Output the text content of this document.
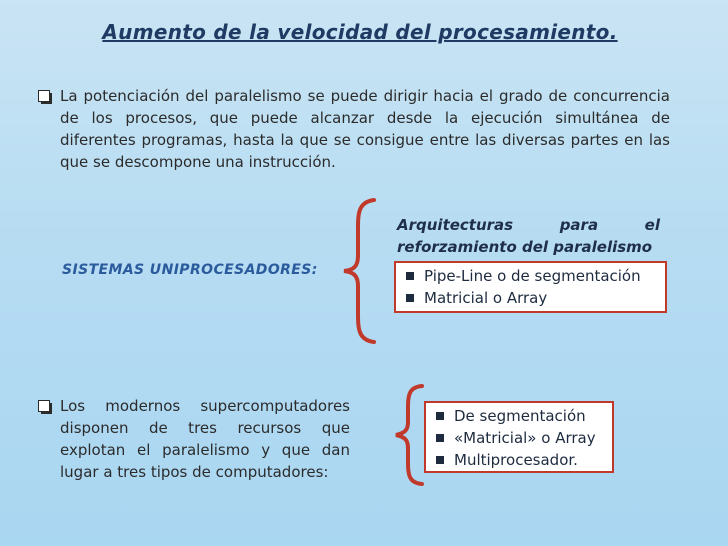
Aumento de la velocidad del procesamiento.
La potenciación del paralelismo se puede dirigir hacia el grado de concurrencia de los procesos, que puede alcanzar desde la ejecución simultánea de diferentes programas, hasta la que se consigue entre las diversas partes en las que se descompone una instrucción.
Arquitecturas	para	el
reforzamiento del paralelismo
SISTEMAS UNIPROCESADORES:	Pipe-Line o de segmentación
Matricial o Array
Los modernos supercomputadores disponen de tres recursos que explotan el paralelismo y que dan lugar a tres tipos de computadores:
De segmentación
«Matricial» o Array
Multiprocesador.
